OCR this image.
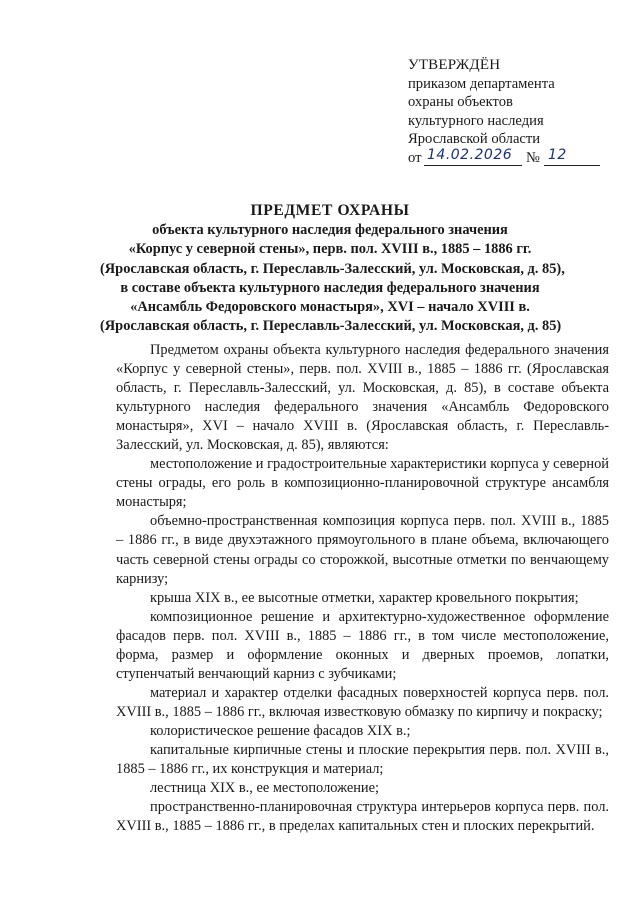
УТВЕРЖДЁН
приказом департамента
охраны объектов
культурного наследия
Ярославской области
от 14.02.2026 № 12
ПРЕДМЕТ ОХРАНЫ
объекта культурного наследия федерального значения
«Корпус у северной стены», перв. пол. XVIII в., 1885 – 1886 гг.
(Ярославская область, г. Переславль-Залесский, ул. Московская, д. 85),
в составе объекта культурного наследия федерального значения
«Ансамбль Федоровского монастыря», XVI – начало XVIII в.
(Ярославская область, г. Переславль-Залесский, ул. Московская, д. 85)

Предметом охраны объекта культурного наследия федерального значения «Корпус у северной стены», перв. пол. XVIII в., 1885 – 1886 гг. (Ярославская область, г. Переславль-Залесский, ул. Московская, д. 85), в составе объекта культурного наследия федерального значения «Ансамбль Федоровского монастыря», XVI – начало XVIII в. (Ярославская область, г. Переславль-Залесский, ул. Московская, д. 85), являются:

местоположение и градостроительные характеристики корпуса у северной стены ограды, его роль в композиционно-планировочной структуре ансамбля монастыря;

объемно-пространственная композиция корпуса перв. пол. XVIII в., 1885 – 1886 гг., в виде двухэтажного прямоугольного в плане объема, включающего часть северной стены ограды со сторожкой, высотные отметки по венчающему карнизу;

крыша XIX в., ее высотные отметки, характер кровельного покрытия;

композиционное решение и архитектурно-художественное оформление фасадов перв. пол. XVIII в., 1885 – 1886 гг., в том числе местоположение, форма, размер и оформление оконных и дверных проемов, лопатки, ступенчатый венчающий карниз с зубчиками;

материал и характер отделки фасадных поверхностей корпуса перв. пол. XVIII в., 1885 – 1886 гг., включая известковую обмазку по кирпичу и покраску;

колористическое решение фасадов XIX в.;

капитальные кирпичные стены и плоские перекрытия перв. пол. XVIII в., 1885 – 1886 гг., их конструкция и материал;

лестница XIX в., ее местоположение;

пространственно-планировочная структура интерьеров корпуса перв. пол. XVIII в., 1885 – 1886 гг., в пределах капитальных стен и плоских перекрытий.
